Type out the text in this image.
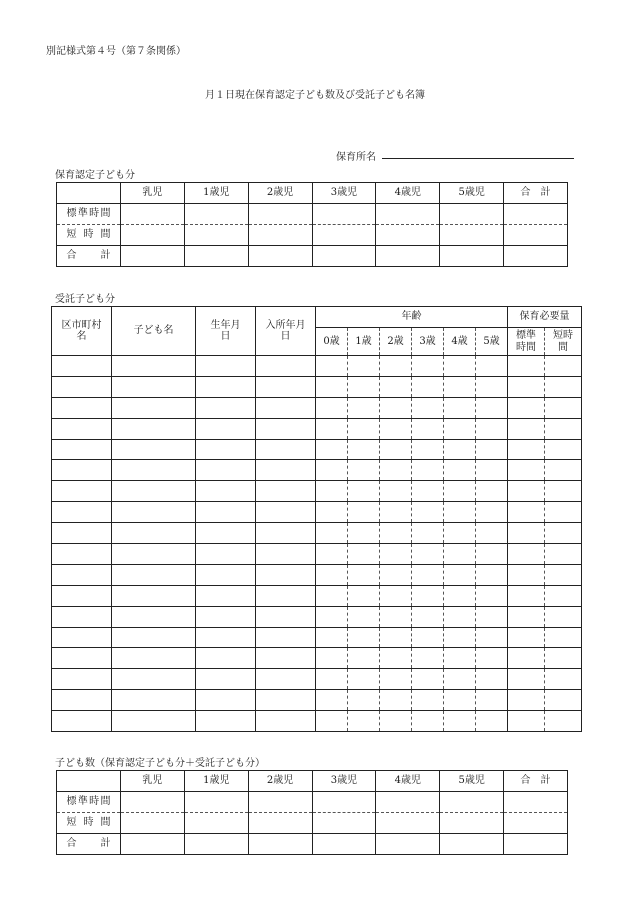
別記様式第４号（第７条関係）
月１日現在保育認定子ども数及び受託子ども名簿
保育所名
保育認定子ども分
	乳児	1歳児	2歳児	3歳児	4歳児	5歳児	合　計
標準時間							
短時間							
合計							
受託子ども分
区市町村名	子ども名	生年月日	入所年月日	年齢						保育必要量	
				0歳	1歳	2歳	3歳	4歳	5歳	標準時間	短時間

子ども数（保育認定子ども分＋受託子ども分）
	乳児	1歳児	2歳児	3歳児	4歳児	5歳児	合　計
標準時間							
短時間							
合計							
